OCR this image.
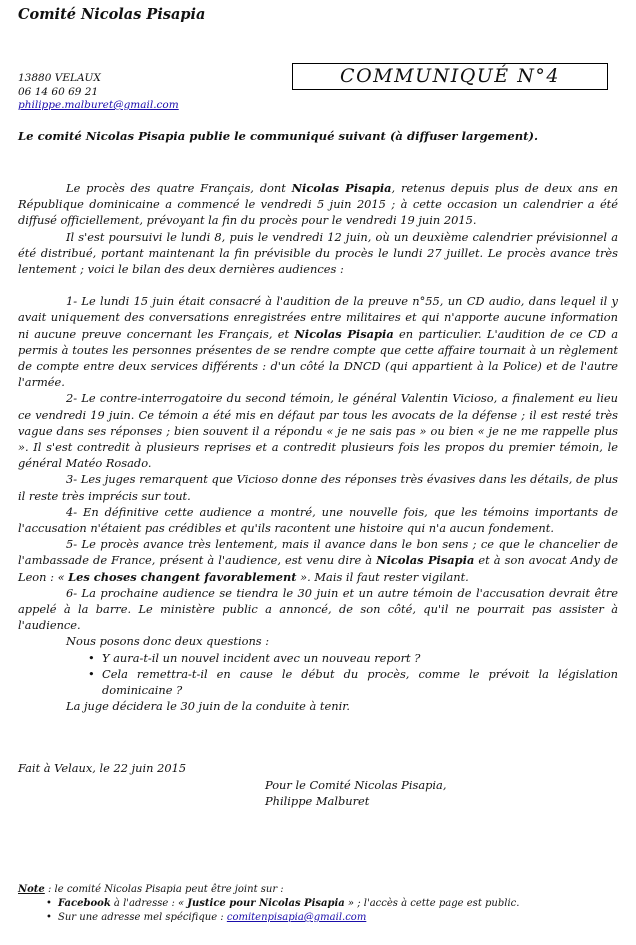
Comité Nicolas Pisapia
13880 VELAUX
06 14 60 69 21
philippe.malburet@gmail.com
COMMUNIQUÉ N°4
Le comité Nicolas Pisapia publie le communiqué suivant (à diffuser largement).

Le procès des quatre Français, dont Nicolas Pisapia, retenus depuis plus de deux ans en République dominicaine a commencé le vendredi 5 juin 2015 ; à cette occasion un calendrier a été diffusé officiellement, prévoyant la fin du procès pour le vendredi 19 juin 2015.

Il s'est poursuivi le lundi 8, puis le vendredi 12 juin, où un deuxième calendrier prévisionnel a été distribué, portant maintenant la fin prévisible du procès le lundi 27 juillet. Le procès avance très lentement ; voici le bilan des deux dernières audiences :

1- Le lundi 15 juin était consacré à l'audition de la preuve n°55, un CD audio, dans lequel il y avait uniquement des conversations enregistrées entre militaires et qui n'apporte aucune information ni aucune preuve concernant les Français, et Nicolas Pisapia en particulier. L'audition de ce CD a permis à toutes les personnes présentes de se rendre compte que cette affaire tournait à un règlement de compte entre deux services différents : d'un côté la DNCD (qui appartient à la Police) et de l'autre l'armée.

2- Le contre-interrogatoire du second témoin, le général Valentin Vicioso, a finalement eu lieu ce vendredi 19 juin. Ce témoin a été mis en défaut par tous les avocats de la défense ; il est resté très vague dans ses réponses ; bien souvent il a répondu « je ne sais pas » ou bien « je ne me rappelle plus ». Il s'est contredit à plusieurs reprises et a contredit plusieurs fois les propos du premier témoin, le général Matéo Rosado.

3- Les juges remarquent que Vicioso donne des réponses très évasives dans les détails, de plus il reste très imprécis sur tout.

4- En définitive cette audience a montré, une nouvelle fois, que les témoins importants de l'accusation n'étaient pas crédibles et qu'ils racontent une histoire qui n'a aucun fondement.

5- Le procès avance très lentement, mais il avance dans le bon sens ; ce que le chancelier de l'ambassade de France, présent à l'audience, est venu dire à Nicolas Pisapia et à son avocat Andy de Leon : « Les choses changent favorablement ». Mais il faut rester vigilant.

6- La prochaine audience se tiendra le 30 juin et un autre témoin de l'accusation devrait être appelé à la barre. Le ministère public a annoncé, de son côté, qu'il ne pourrait pas assister à l'audience.

Nous posons donc deux questions :

• Y aura-t-il un nouvel incident avec un nouveau report ?
• Cela remettra-t-il en cause le début du procès, comme le prévoit la législation dominicaine ?

La juge décidera le 30 juin de la conduite à tenir.

Fait à Velaux, le 22 juin 2015
Pour le Comité Nicolas Pisapia,
Philippe Malburet
Note : le comité Nicolas Pisapia peut être joint sur :
• Facebook à l'adresse : « Justice pour Nicolas Pisapia » ; l'accès à cette page est public.
• Sur une adresse mel spécifique : comitenpisapia@gmail.com
